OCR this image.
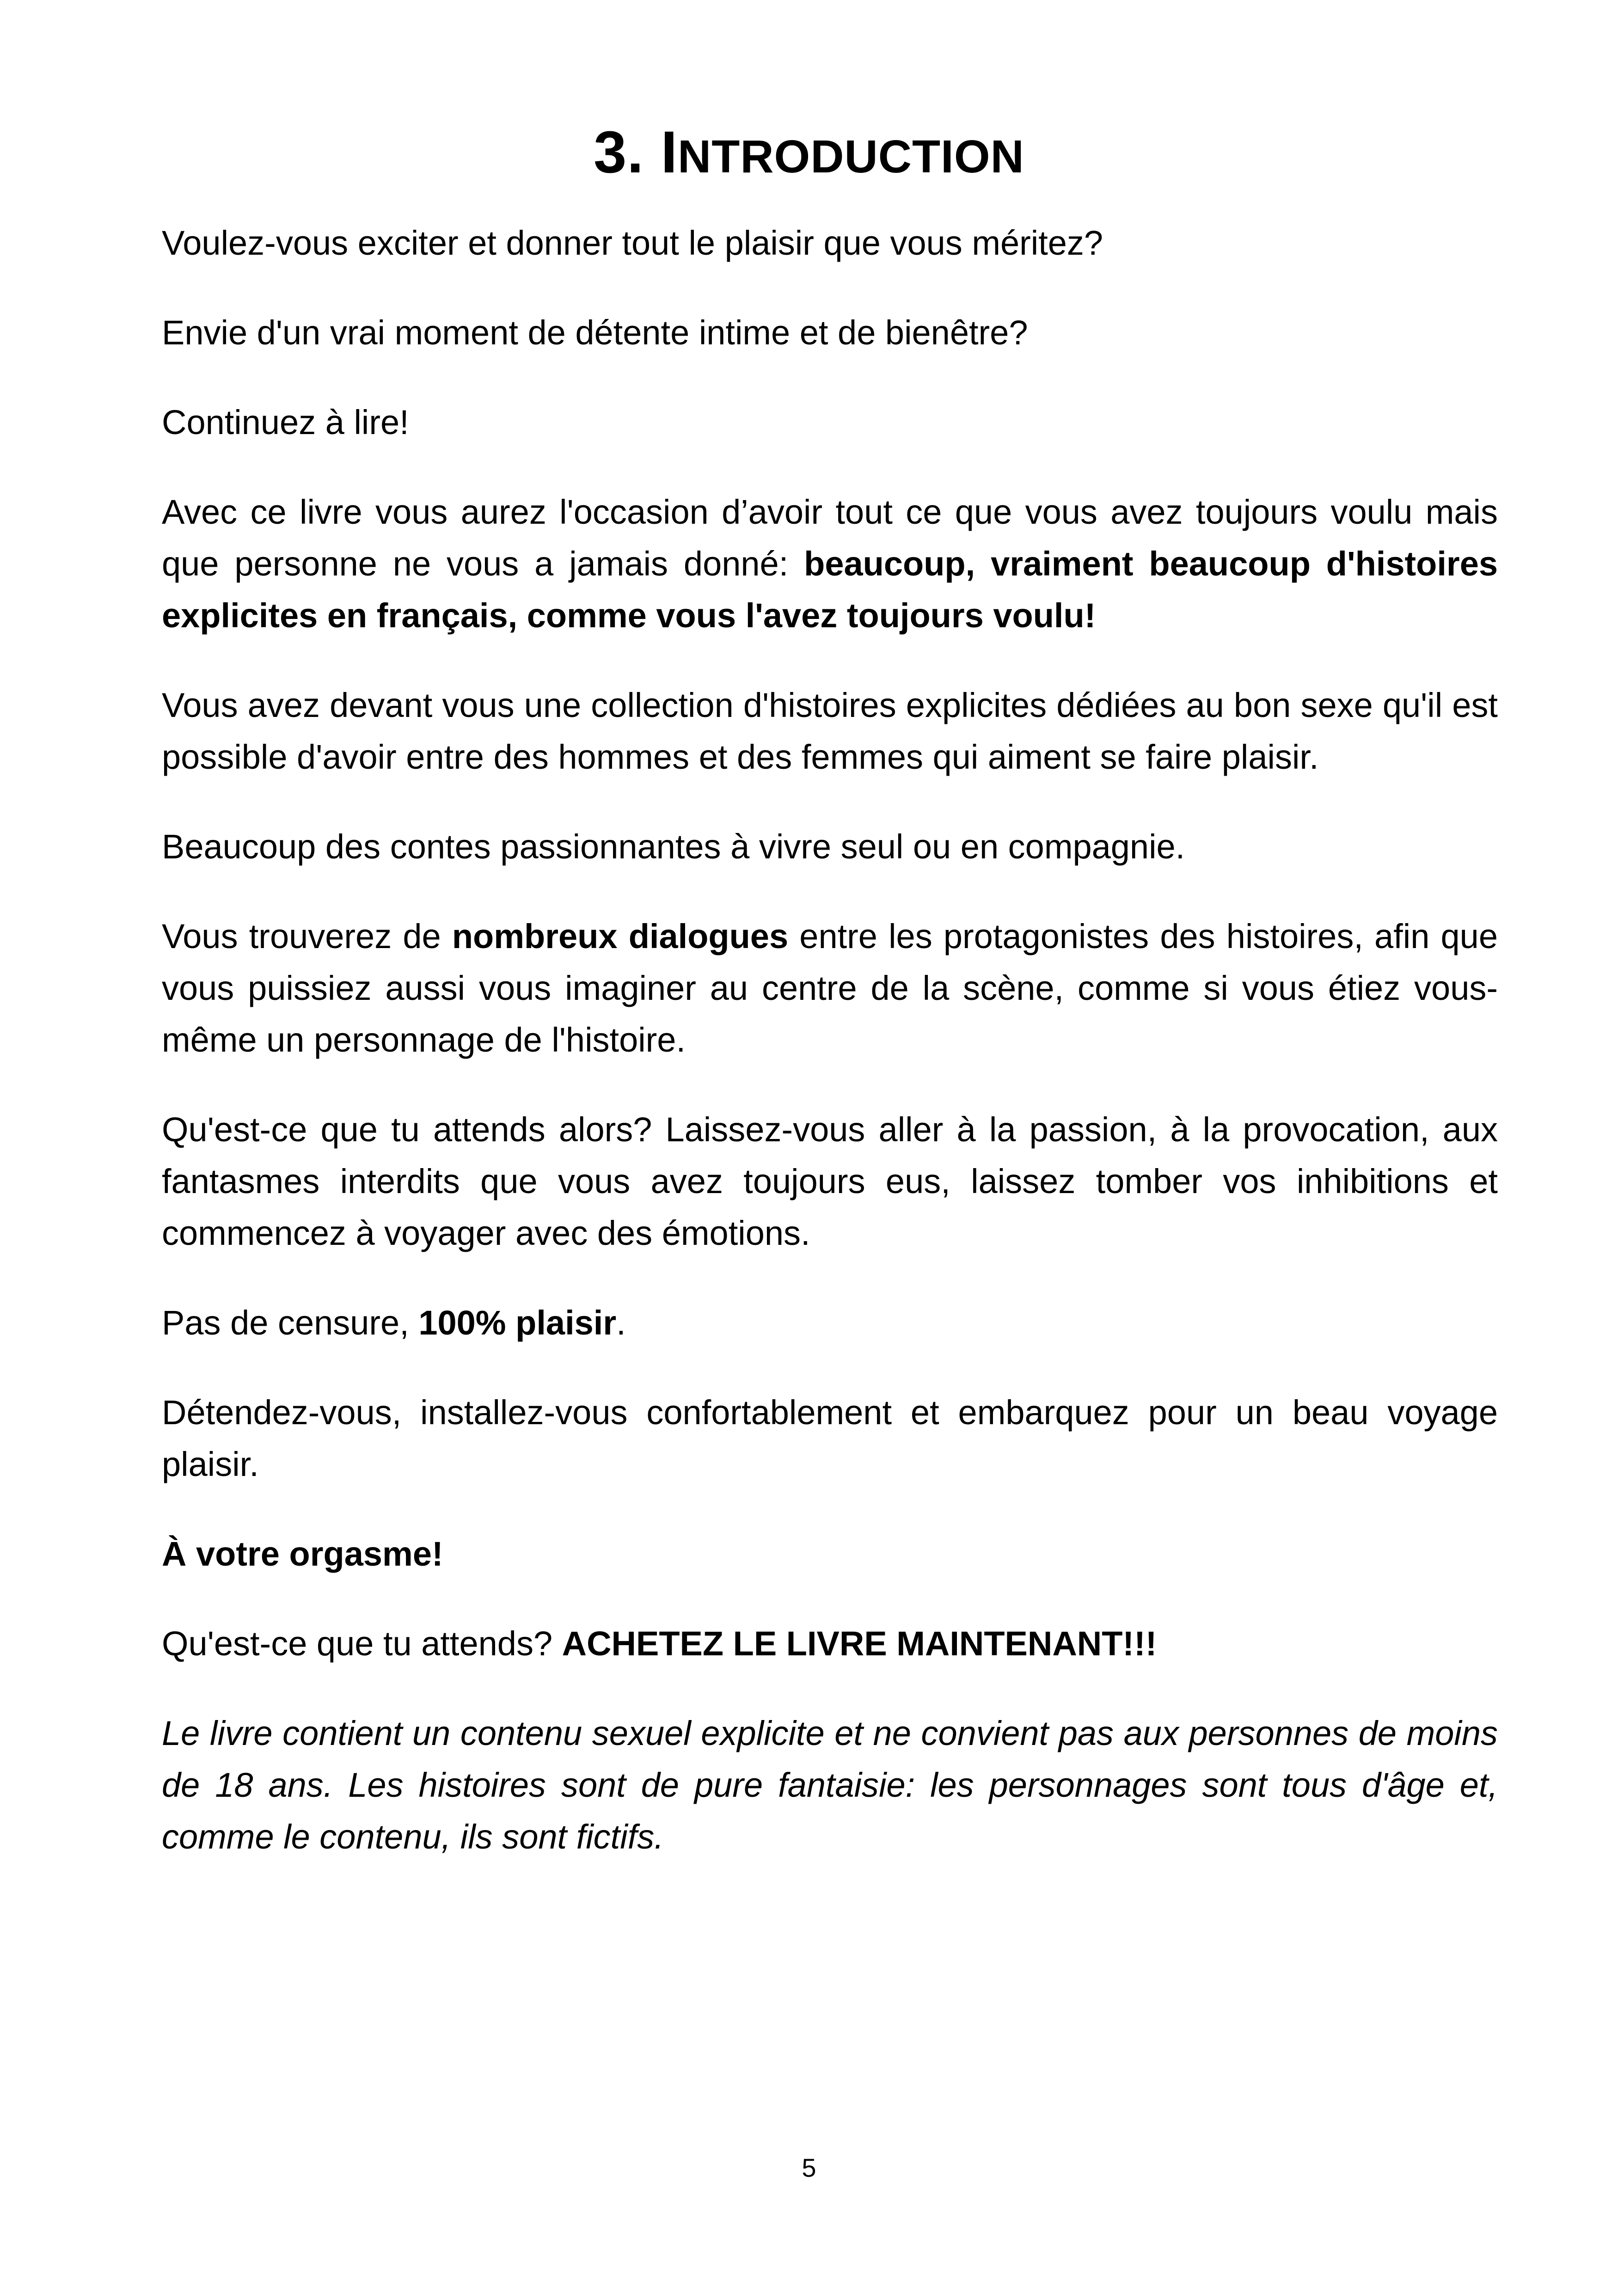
3. INTRODUCTION

Voulez-vous exciter et donner tout le plaisir que vous méritez?

Envie d'un vrai moment de détente intime et de bienêtre?

Continuez à lire!

Avec ce livre vous aurez l'occasion d’avoir tout ce que vous avez toujours voulu mais que personne ne vous a jamais donné: beaucoup, vraiment beaucoup d'histoires explicites en français, comme vous l'avez toujours voulu!

Vous avez devant vous une collection d'histoires explicites dédiées au bon sexe qu'il est possible d'avoir entre des hommes et des femmes qui aiment se faire plaisir.

Beaucoup des contes passionnantes à vivre seul ou en compagnie.

Vous trouverez de nombreux dialogues entre les protagonistes des histoires, afin que vous puissiez aussi vous imaginer au centre de la scène, comme si vous étiez vous-même un personnage de l'histoire.

Qu'est-ce que tu attends alors? Laissez-vous aller à la passion, à la provocation, aux fantasmes interdits que vous avez toujours eus, laissez tomber vos inhibitions et commencez à voyager avec des émotions.

Pas de censure, 100% plaisir.

Détendez-vous, installez-vous confortablement et embarquez pour un beau voyage plaisir.

À votre orgasme!

Qu'est-ce que tu attends? ACHETEZ LE LIVRE MAINTENANT!!!

Le livre contient un contenu sexuel explicite et ne convient pas aux personnes de moins de 18 ans. Les histoires sont de pure fantaisie: les personnages sont tous d'âge et, comme le contenu, ils sont fictifs.

5
